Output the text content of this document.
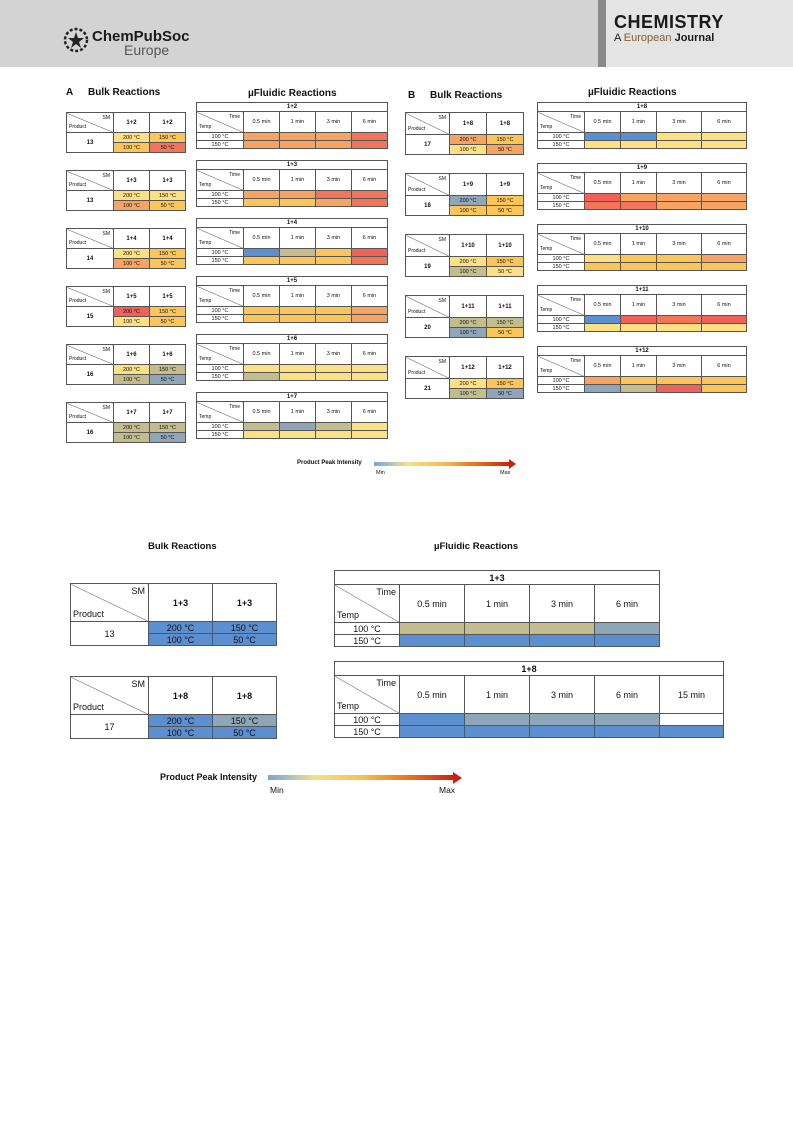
ChemPubSoc
Europe
CHEMISTRY
A European Journal
A Bulk Reactions	µFluidic Reactions	B Bulk Reactions	µFluidic Reactions
SM
Product	1+2	1+2
13	200 °C	150 °C
	100 °C	50 °C
1+2				

Time
Temp	0.5 min	1 min	3 min	6 min
100 °C				
150 °C				
SM
Product	1+3	1+3
13	200 °C	150 °C
	100 °C	50 °C
1+3				

Time
Temp	0.5 min	1 min	3 min	6 min
100 °C				
150 °C				
SM
Product	1+4	1+4
14	200 °C	150 °C
	100 °C	50 °C
1+4				

Time
Temp	0.5 min	1 min	3 min	6 min
100 °C				
150 °C				
SM
Product	1+5	1+5
15	200 °C	150 °C
	100 °C	50 °C
1+5				

Time
Temp	0.5 min	1 min	3 min	6 min
100 °C				
150 °C				
SM
Product	1+6	1+6
16	200 °C	150 °C
	100 °C	50 °C
1+6				

Time
Temp	0.5 min	1 min	3 min	6 min
100 °C				
150 °C				
SM
Product	1+7	1+7
16	200 °C	150 °C
	100 °C	50 °C
1+7				

Time
Temp	0.5 min	1 min	3 min	6 min
100 °C				
150 °C				
SM
Product	1+8	1+8
17	200 °C	150 °C
	100 °C	50 °C
1+8				

Time
Temp	0.5 min	1 min	3 min	6 min
100 °C				
150 °C				
SM
Product	1+9	1+9
18	200 °C	150 °C
	100 °C	50 °C
1+9				

Time
Temp	0.5 min	1 min	3 min	6 min
100 °C				
150 °C				
SM
Product	1+10	1+10
19	200 °C	150 °C
	100 °C	50 °C
1+10				

Time
Temp	0.5 min	1 min	3 min	6 min
100 °C				
150 °C				
SM
Product	1+11	1+11
20	200 °C	150 °C
	100 °C	50 °C
1+11				

Time
Temp	0.5 min	1 min	3 min	6 min
100 °C				
150 °C				
SM
Product	1+12	1+12
21	200 °C	150 °C
	100 °C	50 °C
1+12				

Time
Temp	0.5 min	1 min	3 min	6 min
100 °C				
150 °C				
Product Peak Intensity
Min	Max
Bulk Reactions	µFluidic Reactions
SM
Product	1+3	1+3
13	200 °C	150 °C
	100 °C	50 °C
SM
Product	1+8	1+8
17	200 °C	150 °C
	100 °C	50 °C
1+3				

Time
Temp	0.5 min	1 min	3 min	6 min
100 °C				
150 °C				
1+8					

Time
Temp	0.5 min	1 min	3 min	6 min	15 min
100 °C					
150 °C					
Product Peak Intensity
Min	Max
